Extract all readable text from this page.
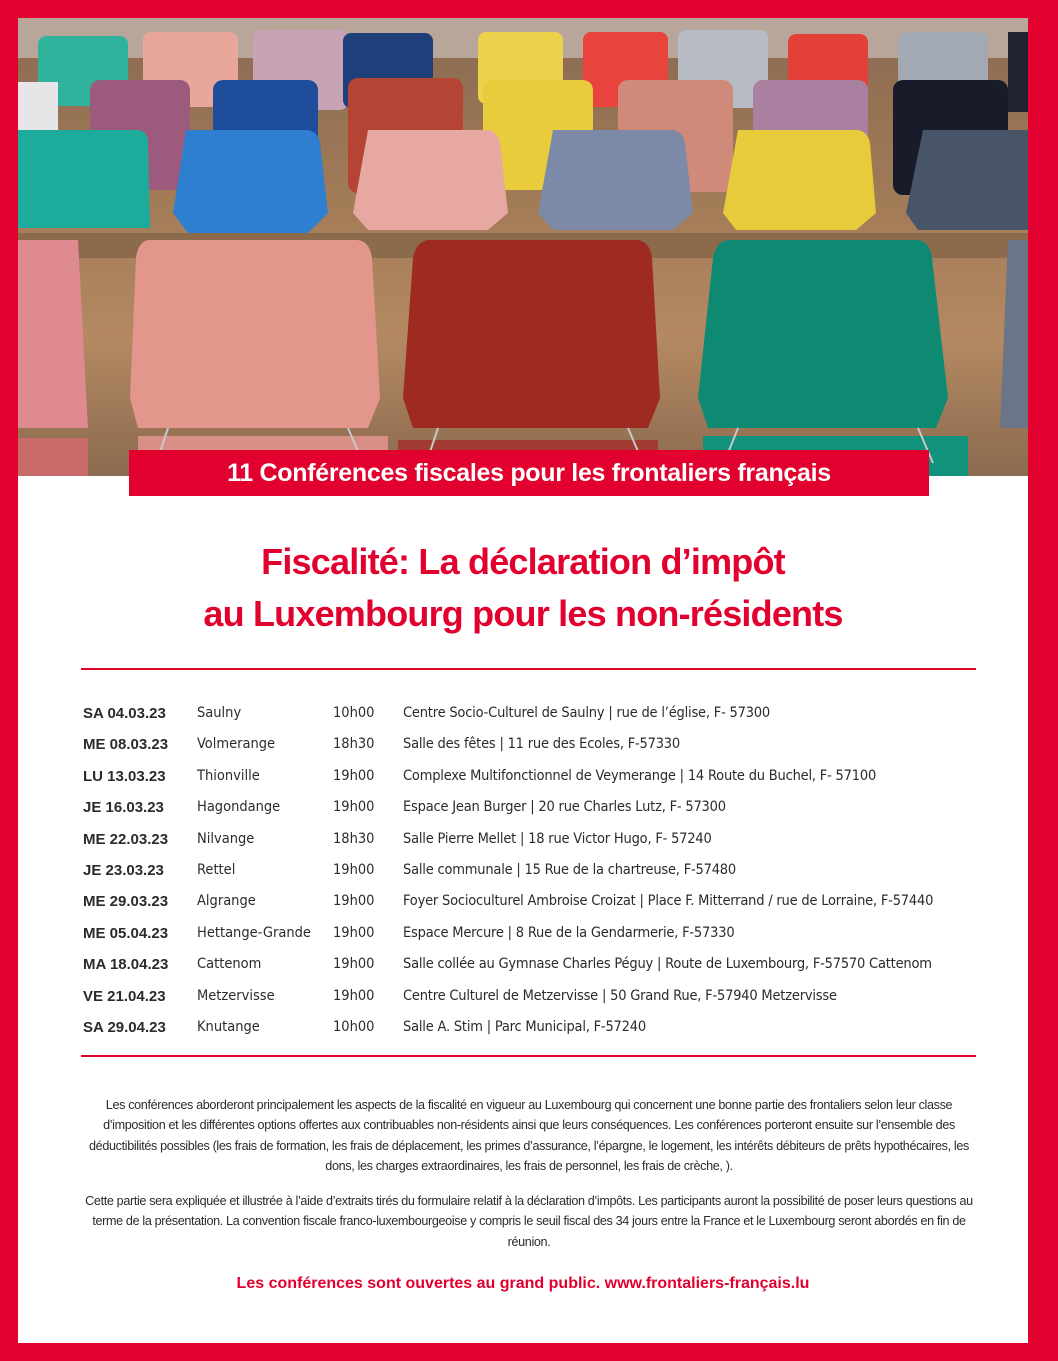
11 Conférences fiscales pour les frontaliers français
Fiscalité: La déclaration d’impôt
au Luxembourg pour les non-résidents
SA 04.03.23 Saulny	10h00 Centre Socio-Culturel de Saulny | rue de l’église, F- 57300
ME 08.03.23 Volmerange	18h30 Salle des fêtes | 11 rue des Ecoles, F-57330
LU 13.03.23 Thionville	19h00 Complexe Multifonctionnel de Veymerange | 14 Route du Buchel, F- 57100
JE 16.03.23 Hagondange	19h00 Espace Jean Burger | 20 rue Charles Lutz, F- 57300
ME 22.03.23 Nilvange	18h30 Salle Pierre Mellet | 18 rue Victor Hugo, F- 57240
JE 23.03.23 Rettel	19h00 Salle communale | 15 Rue de la chartreuse, F-57480
ME 29.03.23 Algrange	19h00 Foyer Socioculturel Ambroise Croizat | Place F. Mitterrand / rue de Lorraine, F-57440
ME 05.04.23 Hettange-Grande 19h00 Espace Mercure | 8 Rue de la Gendarmerie, F-57330
MA 18.04.23 Cattenom	19h00 Salle collée au Gymnase Charles Péguy | Route de Luxembourg, F-57570 Cattenom
VE 21.04.23 Metzervisse	19h00 Centre Culturel de Metzervisse | 50 Grand Rue, F-57940 Metzervisse
SA 29.04.23 Knutange	10h00 Salle A. Stim | Parc Municipal, F-57240
Les conférences aborderont principalement les aspects de la fiscalité en vigueur au Luxembourg qui concernent une bonne partie des frontaliers selon leur classe d’imposition et les différentes options offertes aux contribuables non-résidents ainsi que leurs conséquences. Les conférences porteront ensuite sur l’ensemble des déductibilités possibles (les frais de formation, les frais de déplacement, les primes d’assurance, l’épargne, le logement, les intérêts débiteurs de prêts hypothécaires, les dons, les charges extraordinaires, les frais de personnel, les frais de crèche, ).
Cette partie sera expliquée et illustrée à l’aide d’extraits tirés du formulaire relatif à la déclaration d’impôts. Les participants auront la possibilité de poser leurs questions au terme de la présentation. La convention fiscale franco-luxembourgeoise y compris le seuil fiscal des 34 jours entre la France et le Luxembourg seront abordés en fin de réunion.
Les conférences sont ouvertes au grand public. www.frontaliers-français.lu
